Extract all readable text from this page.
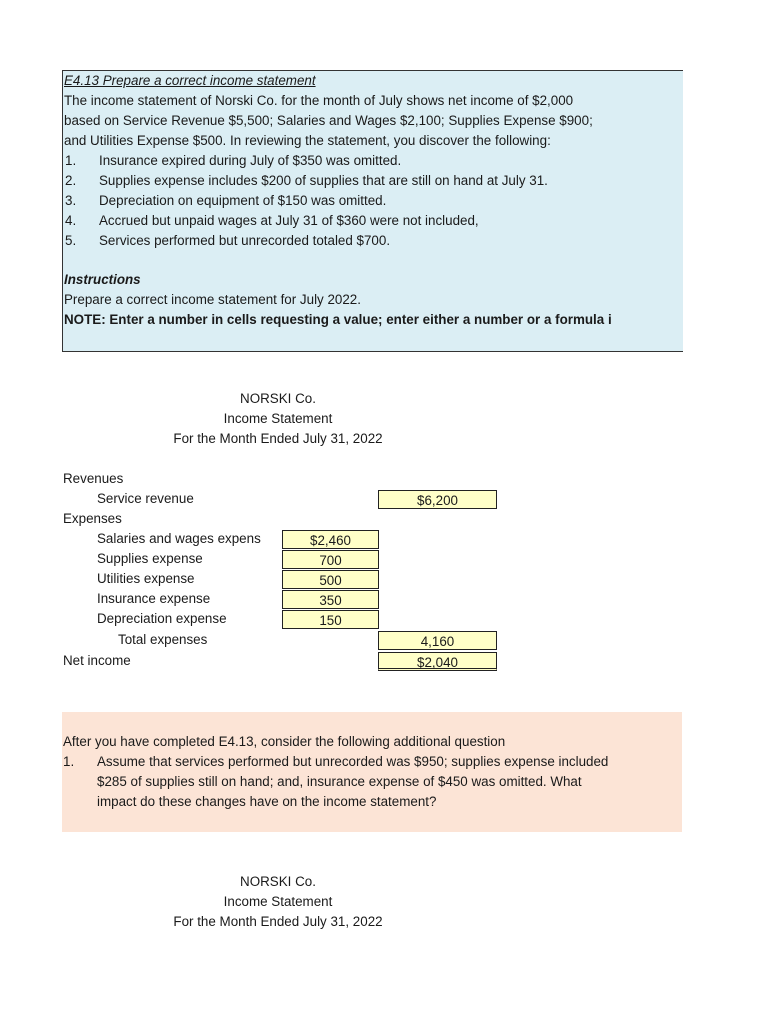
E4.13 Prepare a correct income statement
The income statement of Norski Co. for the month of July shows net income of $2,000
based on Service Revenue $5,500; Salaries and Wages $2,100; Supplies Expense $900;
and Utilities Expense $500. In reviewing the statement, you discover the following:
1. Insurance expired during July of $350 was omitted.
2. Supplies expense includes $200 of supplies that are still on hand at July 31.
3. Depreciation on equipment of $150 was omitted.
4. Accrued but unpaid wages at July 31 of $360 were not included,
5. Services performed but unrecorded totaled $700.
Instructions
Prepare a correct income statement for July 2022.
NOTE: Enter a number in cells requesting a value; enter either a number or a formula i
NORSKI Co.
Income Statement
For the Month Ended July 31, 2022
Revenues
Service revenue	$6,200
Expenses
Salaries and wages expens	$2,460
Supplies expense	700
Utilities expense	500
Insurance expense	350
Depreciation expense	150
Total expenses	4,160
Net income	$2,040
After you have completed E4.13, consider the following additional question
1. Assume that services performed but unrecorded was $950; supplies expense included
$285 of supplies still on hand; and, insurance expense of $450 was omitted. What
impact do these changes have on the income statement?
NORSKI Co.
Income Statement
For the Month Ended July 31, 2022
